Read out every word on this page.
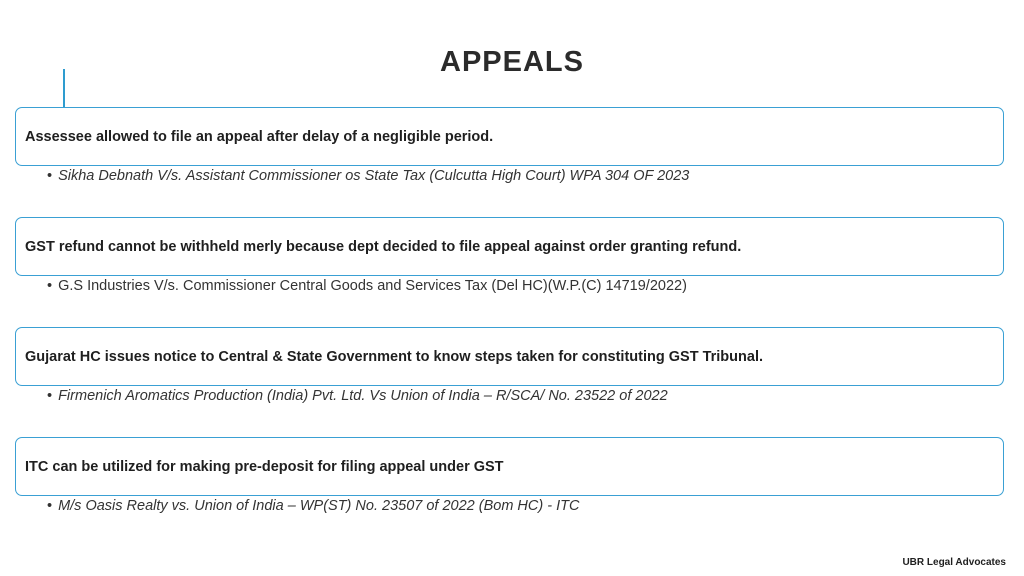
APPEALS
Assessee allowed to file an appeal after delay of a negligible period.
• Sikha Debnath V/s. Assistant Commissioner os State Tax (Culcutta High Court) WPA 304 OF 2023
GST refund cannot be withheld merly because dept decided to file appeal against order granting refund.
• G.S Industries V/s. Commissioner Central Goods and Services Tax (Del HC)(W.P.(C) 14719/2022)
Gujarat HC issues notice to Central & State Government to know steps taken for constituting GST Tribunal.
• Firmenich Aromatics Production (India) Pvt. Ltd. Vs Union of India – R/SCA/ No. 23522 of 2022
ITC can be utilized for making pre-deposit for filing appeal under GST
• M/s Oasis Realty vs. Union of India – WP(ST) No. 23507 of 2022 (Bom HC) - ITC
UBR Legal Advocates
